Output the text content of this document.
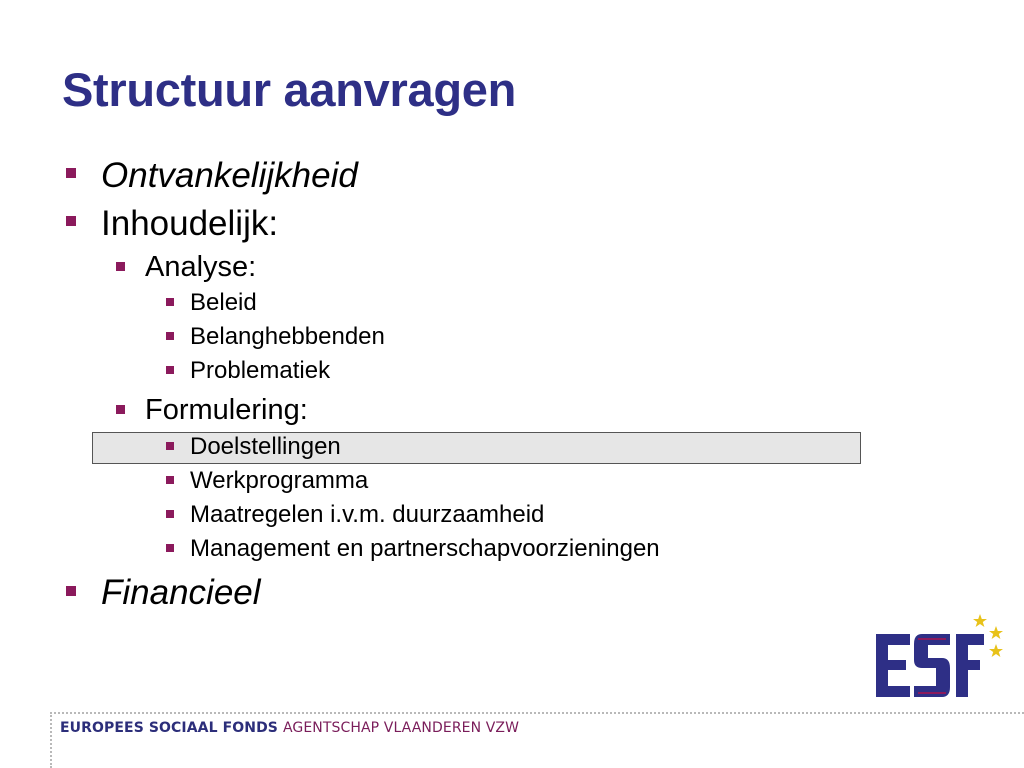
Structuur aanvragen
Ontvankelijkheid
Inhoudelijk:
Analyse:
Beleid
Belanghebbenden
Problematiek
Formulering:
Doelstellingen
Werkprogramma
Maatregelen i.v.m. duurzaamheid
Management en partnerschapvoorzieningen
Financieel
EUROPEES SOCIAAL FONDS AGENTSCHAP VLAANDEREN VZW
